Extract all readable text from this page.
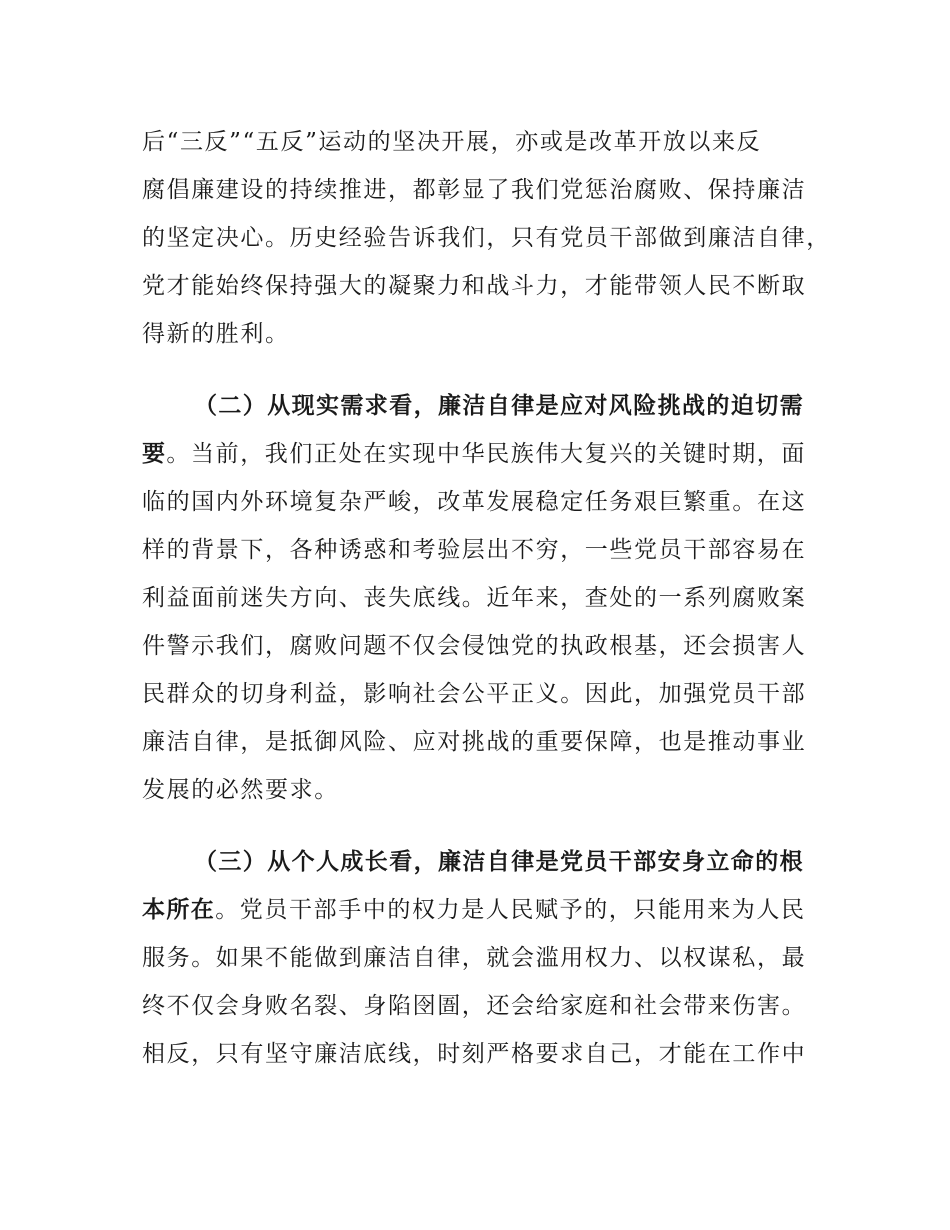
后“三反”“五反”运动的坚决开展，亦或是改革开放以来反
腐倡廉建设的持续推进，都彰显了我们党惩治腐败、保持廉洁
的坚定决心。历史经验告诉我们，只有党员干部做到廉洁自律，
党才能始终保持强大的凝聚力和战斗力，才能带领人民不断取
得新的胜利。
（二）从现实需求看，廉洁自律是应对风险挑战的迫切需
要。当前，我们正处在实现中华民族伟大复兴的关键时期，面
临的国内外环境复杂严峻，改革发展稳定任务艰巨繁重。在这
样的背景下，各种诱惑和考验层出不穷，一些党员干部容易在
利益面前迷失方向、丧失底线。近年来，查处的一系列腐败案
件警示我们，腐败问题不仅会侵蚀党的执政根基，还会损害人
民群众的切身利益，影响社会公平正义。因此，加强党员干部
廉洁自律，是抵御风险、应对挑战的重要保障，也是推动事业
发展的必然要求。
（三）从个人成长看，廉洁自律是党员干部安身立命的根
本所在。党员干部手中的权力是人民赋予的，只能用来为人民
服务。如果不能做到廉洁自律，就会滥用权力、以权谋私，最
终不仅会身败名裂、身陷囹圄，还会给家庭和社会带来伤害。
相反，只有坚守廉洁底线，时刻严格要求自己，才能在工作中
